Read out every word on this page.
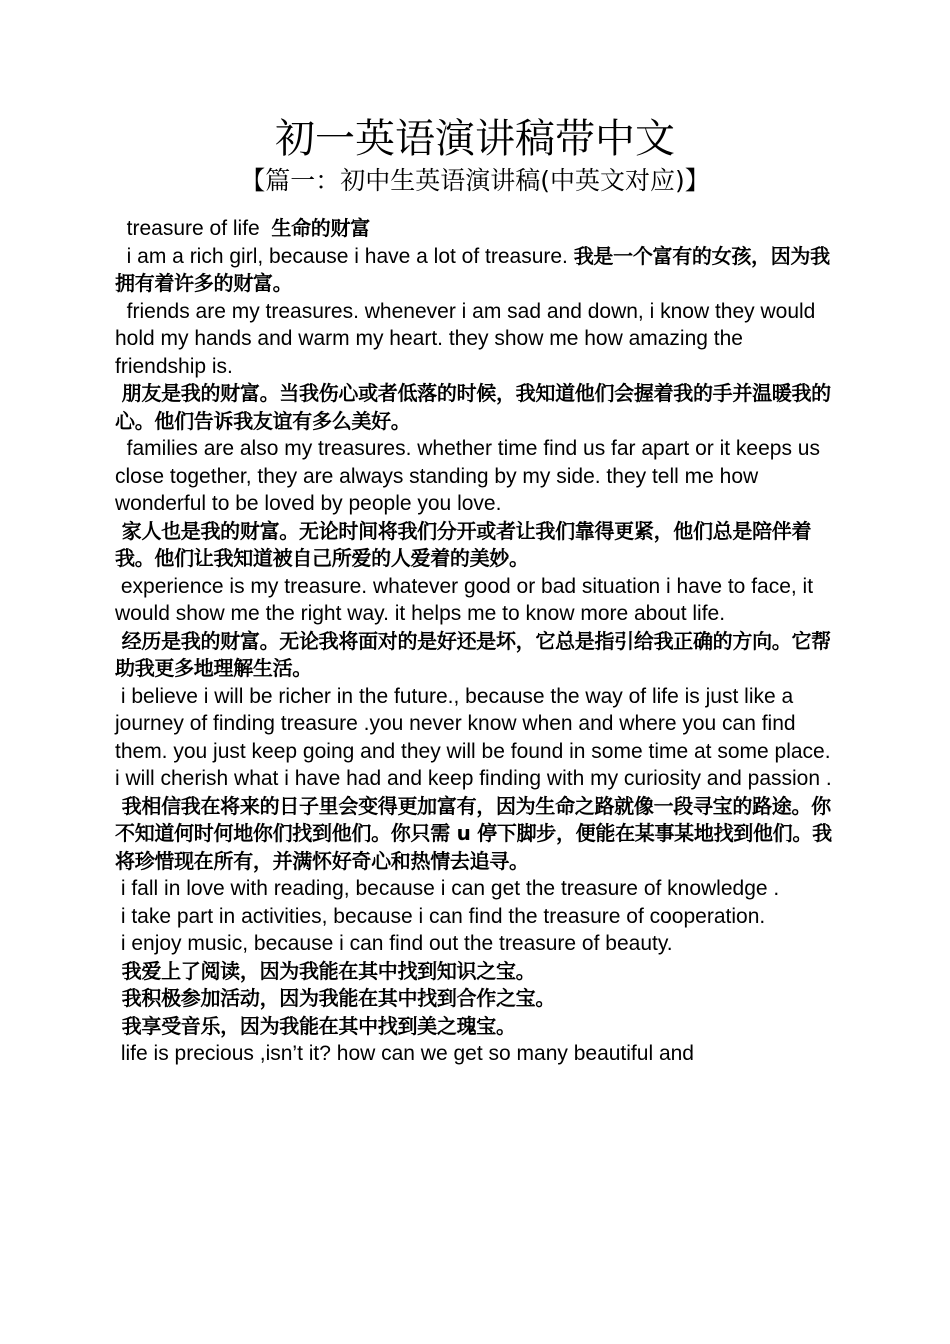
初一英语演讲稿带中文
【篇一：初中生英语演讲稿(中英文对应)】

treasure of life  生命的财富

i am a rich girl, because i have a lot of treasure. 我是一个富有的女孩，因为我拥有着许多的财富。

friends are my treasures. whenever i am sad and down, i know they would hold my hands and warm my heart. they show me how amazing the friendship is.

朋友是我的财富。当我伤心或者低落的时候，我知道他们会握着我的手并温暖我的心。他们告诉我友谊有多么美好。

families are also my treasures. whether time find us far apart or it keeps us close together, they are always standing by my side. they tell me how wonderful to be loved by people you love.

家人也是我的财富。无论时间将我们分开或者让我们靠得更紧，他们总是陪伴着我。他们让我知道被自己所爱的人爱着的美妙。

experience is my treasure. whatever good or bad situation i have to face, it would show me the right way. it helps me to know more about life.

经历是我的财富。无论我将面对的是好还是坏，它总是指引给我正确的方向。它帮助我更多地理解生活。

i believe i will be richer in the future., because the way of life is just like a journey of finding treasure .you never know when and where you can find them. you just keep going and they will be found in some time at some place. i will cherish what i have had and keep finding with my curiosity and passion .

我相信我在将来的日子里会变得更加富有，因为生命之路就像一段寻宝的路途。你不知道何时何地你们找到他们。你只需 u 停下脚步，便能在某事某地找到他们。我将珍惜现在所有，并满怀好奇心和热情去追寻。

i fall in love with reading, because i can get the treasure of knowledge .

i take part in activities, because i can find the treasure of cooperation.

i enjoy music, because i can find out the treasure of beauty.

我爱上了阅读，因为我能在其中找到知识之宝。

我积极参加活动，因为我能在其中找到合作之宝。

我享受音乐，因为我能在其中找到美之瑰宝。

life is precious ,isn’t it? how can we get so many beautiful and
